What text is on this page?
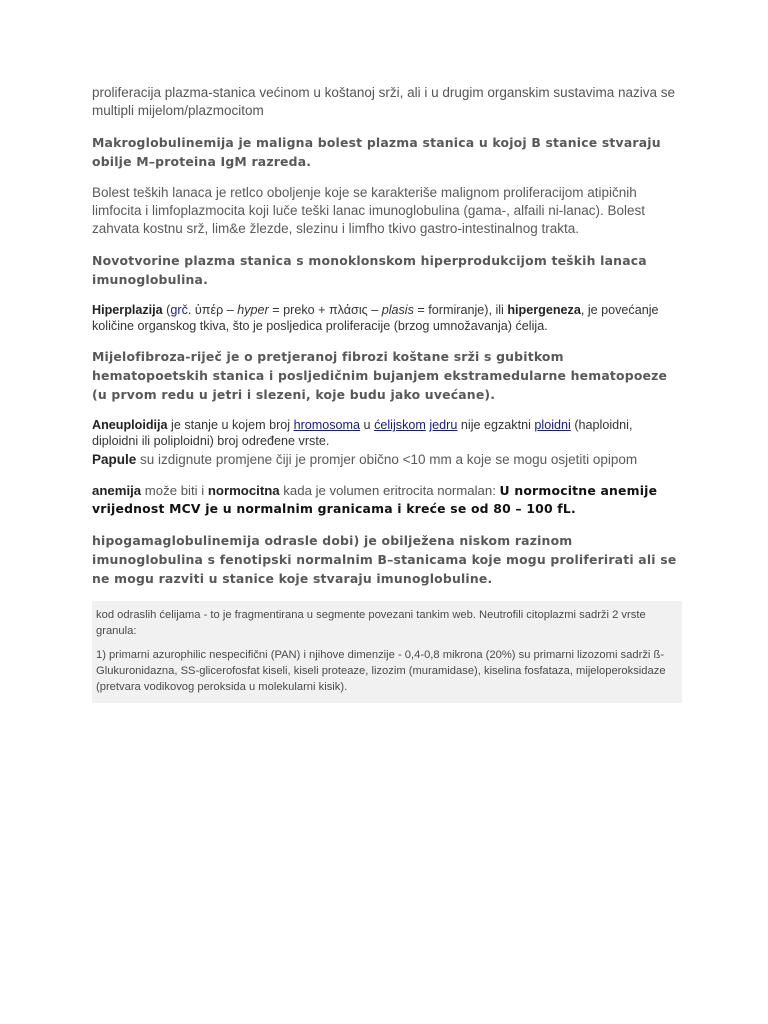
proliferacija plazma-stanica većinom u koštanoj srži, ali i u drugim organskim sustavima naziva se multipli mijelom/plazmocitom

Makroglobulinemija je maligna bolest plazma stanica u kojoj B stanice stvaraju obilje M–proteina IgM razreda.

Bolest teških lanaca je retlco oboljenje koje se karakteriše malignom proliferacijom atipičnih limfocita i limfoplazmocita koji luče teški lanac imunoglobulina (gama-, alfaili ni-lanac). Bolest zahvata kostnu srž, lim&e žlezde, slezinu i limfho tkivo gastro-intestinalnog trakta.

Novotvorine plazma stanica s monoklonskom hiperprodukcijom teških lanaca imunoglobulina.

Hiperplazija (grč. ὑπέρ – hyper = preko + πλάσις – plasis = formiranje), ili hipergeneza, je povećanje količine organskog tkiva, što je posljedica proliferacije (brzog umnožavanja) ćelija.

Mijelofibroza-riječ je o pretjeranoj fibrozi koštane srži s gubitkom hematopoetskih stanica i posljedičnim bujanjem ekstramedularne hematopoeze (u prvom redu u jetri i slezeni, koje budu jako uvećane).

Aneuploidija je stanje u kojem broj hromosoma u ćelijskom jedru nije egzaktni ploidni (haploidni, diploidni ili poliploidni) broj određene vrste.

Papule su izdignute promjene čiji je promjer obično <10 mm a koje se mogu osjetiti opipom

anemija može biti i normocitna kada je volumen eritrocita normalan: U normocitne anemije vrijednost MCV je u normalnim granicama i kreće se od 80 – 100 fL.

hipogamaglobulinemija odrasle dobi) je obilježena niskom razinom imunoglobulina s fenotipski normalnim B–stanicama koje mogu proliferirati ali se ne mogu razviti u stanice koje stvaraju imunoglobuline.

kod odraslih ćelijama - to je fragmentirana u segmente povezani tankim web. Neutrofili citoplazmi sadrži 2 vrste granula:

1) primarni azurophilic nespecifični (PAN) i njihove dimenzije - 0,4-0,8 mikrona (20%) su primarni lizozomi sadrži ß-Glukuronidazna, SS-glicerofosfat kiseli, kiseli proteaze, lizozim (muramidase), kiselina fosfataza, mijeloperoksidaze (pretvara vodikovog peroksida u molekularni kisik).
